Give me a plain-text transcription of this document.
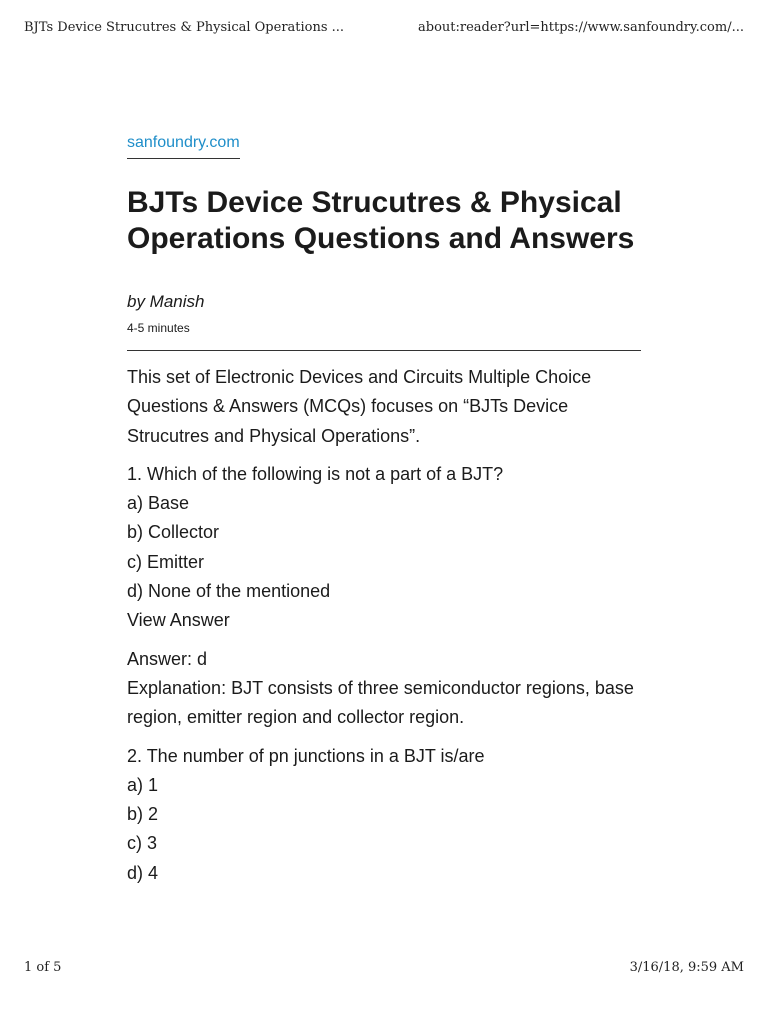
BJTs Device Strucutres & Physical Operations ...	about:reader?url=https://www.sanfoundry.com/...
sanfoundry.com
BJTs Device Strucutres & Physical Operations Questions and Answers
by Manish
4-5 minutes

This set of Electronic Devices and Circuits Multiple Choice Questions & Answers (MCQs) focuses on “BJTs Device Strucutres and Physical Operations”.

1. Which of the following is not a part of a BJT?
a) Base
b) Collector
c) Emitter
d) None of the mentioned
View Answer

Answer: d
Explanation: BJT consists of three semiconductor regions, base region, emitter region and collector region.

2. The number of pn junctions in a BJT is/are
a) 1
b) 2
c) 3
d) 4

1 of 5	3/16/18, 9:59 AM
